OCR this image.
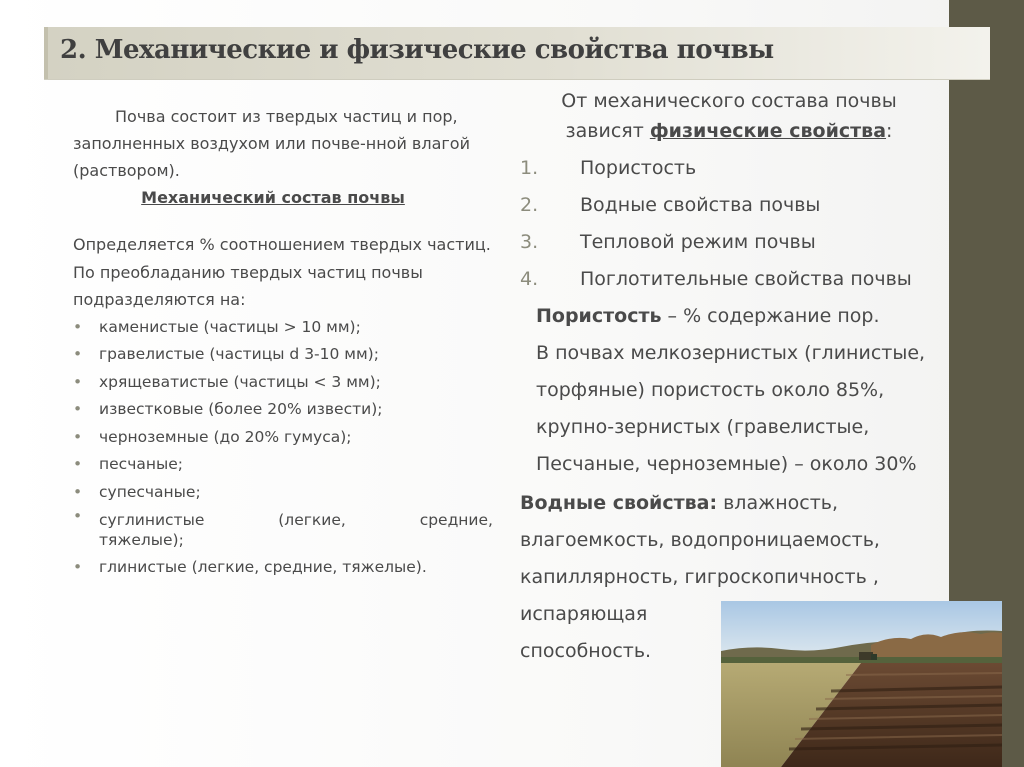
2. Механические и физические свойства почвы

Почва состоит из твердых частиц и пор, заполненных воздухом или почве-нной влагой (раствором).

Механический состав почвы

Определяется % соотношением твердых частиц. По преобладанию твердых частиц почвы подразделяются на:

• каменистые (частицы > 10 мм);
• гравелистые (частицы d 3-10 мм);
• хрящеватистые (частицы < 3 мм);
• известковые (более 20% извести);
• черноземные (до 20% гумуса);
• песчаные;
• супесчаные;
• суглинистые	(легкие,	средние,
тяжелые);
• глинистые (легкие, средние, тяжелые).
От механического состава почвы
зависят физические свойства:
1.	Пористость
2.	Водные свойства почвы
3.	Тепловой режим почвы
4.	Поглотительные свойства почвы
Пористость – % содержание пор.
В почвах мелкозернистых (глинистые,
торфяные) пористость около 85%,
крупно-зернистых (гравелистые,
Песчаные, черноземные) – около 30%
Водные свойства: влажность,
влагоемкость, водопроницаемость,
капиллярность, гигроскопичность ,
испаряющая
способность.
